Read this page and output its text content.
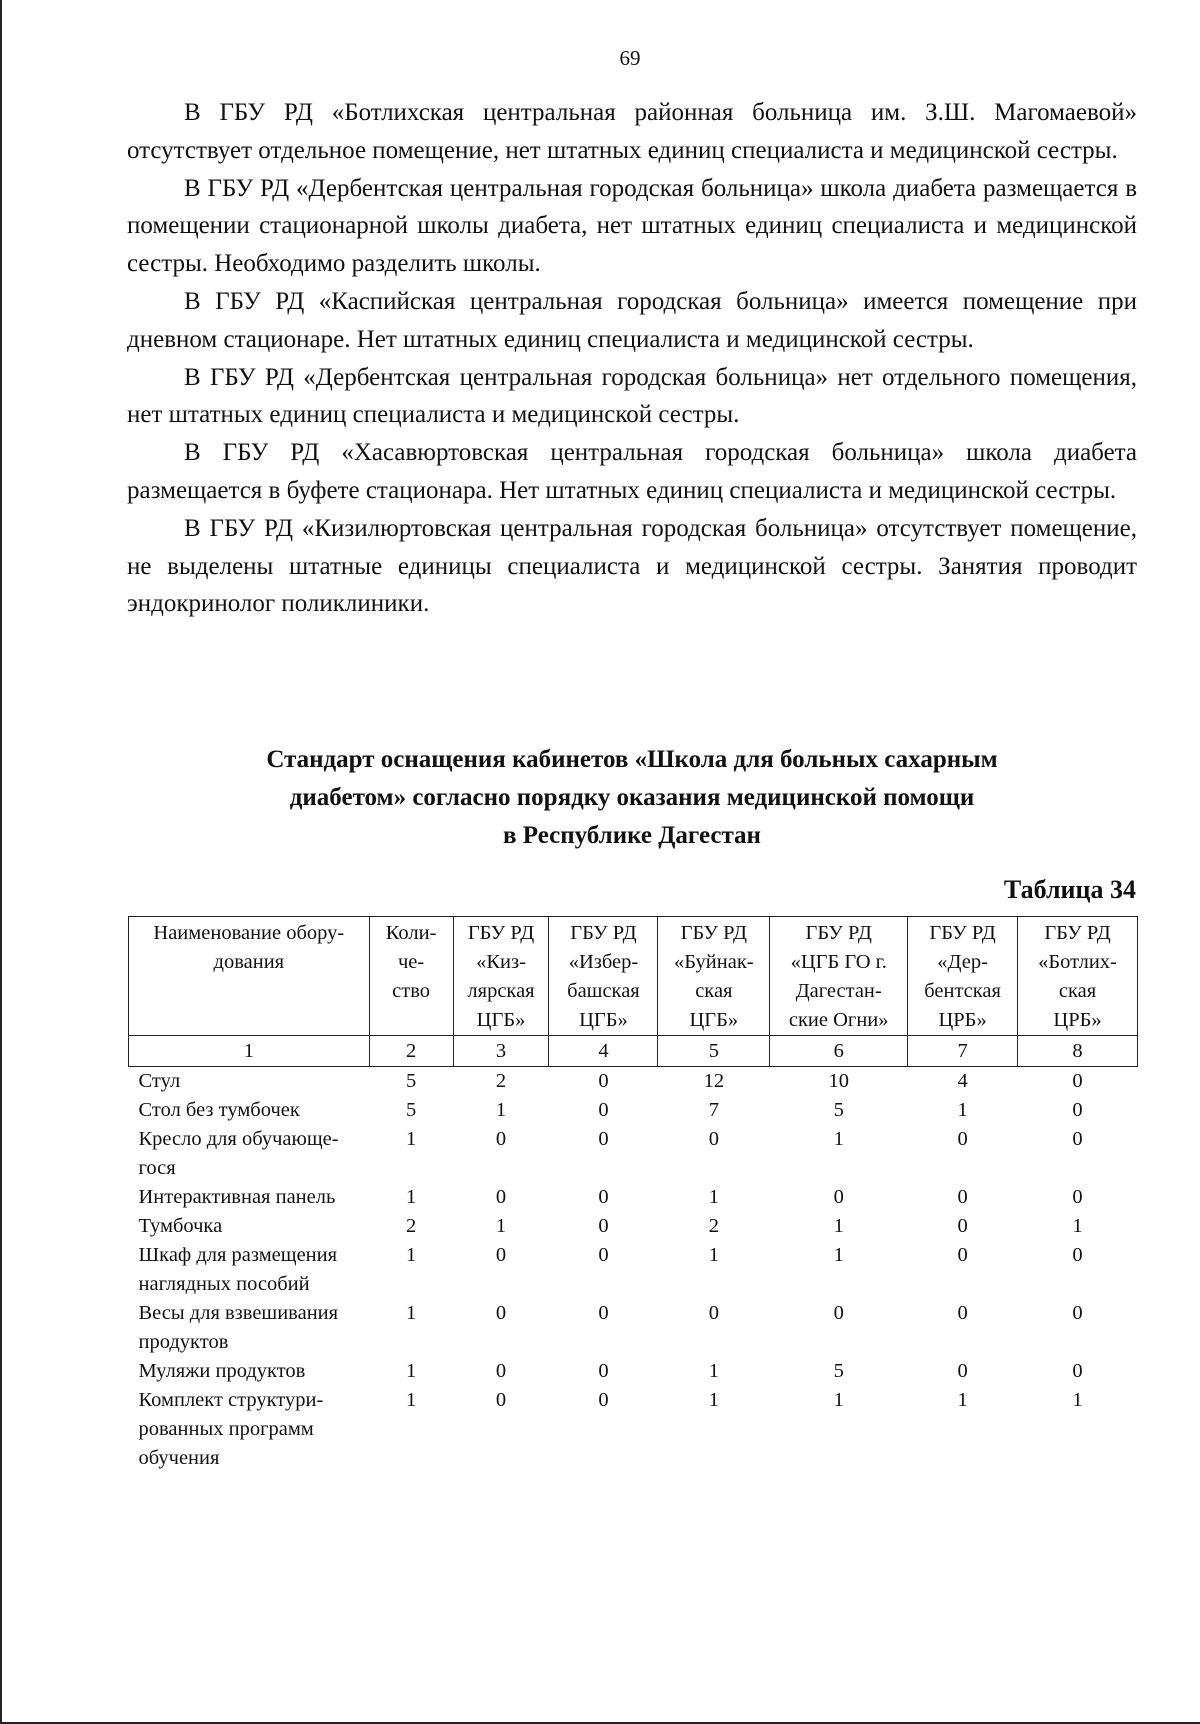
69

В ГБУ РД «Ботлихская центральная районная больница им. З.Ш. Магомаевой» отсутствует отдельное помещение, нет штатных единиц специалиста и медицинской сестры.

В ГБУ РД «Дербентская центральная городская больница» школа диабета размещается в помещении стационарной школы диабета, нет штатных единиц специалиста и медицинской сестры. Необходимо разделить школы.

В ГБУ РД «Каспийская центральная городская больница» имеется помещение при дневном стационаре. Нет штатных единиц специалиста и медицинской сестры.

В ГБУ РД «Дербентская центральная городская больница» нет отдельного помещения, нет штатных единиц специалиста и медицинской сестры.

В ГБУ РД «Хасавюртовская центральная городская больница» школа диабета размещается в буфете стационара. Нет штатных единиц специалиста и медицинской сестры.

В ГБУ РД «Кизилюртовская центральная городская больница» отсутствует помещение, не выделены штатные единицы специалиста и медицинской сестры. Занятия проводит эндокринолог поликлиники.

Стандарт оснащения кабинетов «Школа для больных сахарным
диабетом» согласно порядку оказания медицинской помощи
в Республике Дагестан
Таблица 34
Наименование обору-
дования	Коли-
че-
ство	ГБУ РД
«Киз-
лярская
ЦГБ»	ГБУ РД
«Избер-
башская
ЦГБ»	ГБУ РД
«Буйнак-
ская
ЦГБ»	ГБУ РД
«ЦГБ ГО г.
Дагестан-
ские Огни»	ГБУ РД
«Дер-
бентская
ЦРБ»	ГБУ РД
«Ботлих-
ская
ЦРБ»

1	2	3	4	5	6	7	8

Стул	5	2	0	12	10	4	0

Стол без тумбочек	5	1	0	7	5	1	0

Кресло для обучающе-
гося	1	0	0	0	1	0	0

Интерактивная панель	1	0	0	1	0	0	0

Тумбочка	2	1	0	2	1	0	1

Шкаф для размещения
наглядных пособий	1	0	0	1	1	0	0

Весы для взвешивания
продуктов	1	0	0	0	0	0	0

Муляжи продуктов	1	0	0	1	5	0	0

Комплект структури-
рованных программ
обучения	1	0	0	1	1	1	1
